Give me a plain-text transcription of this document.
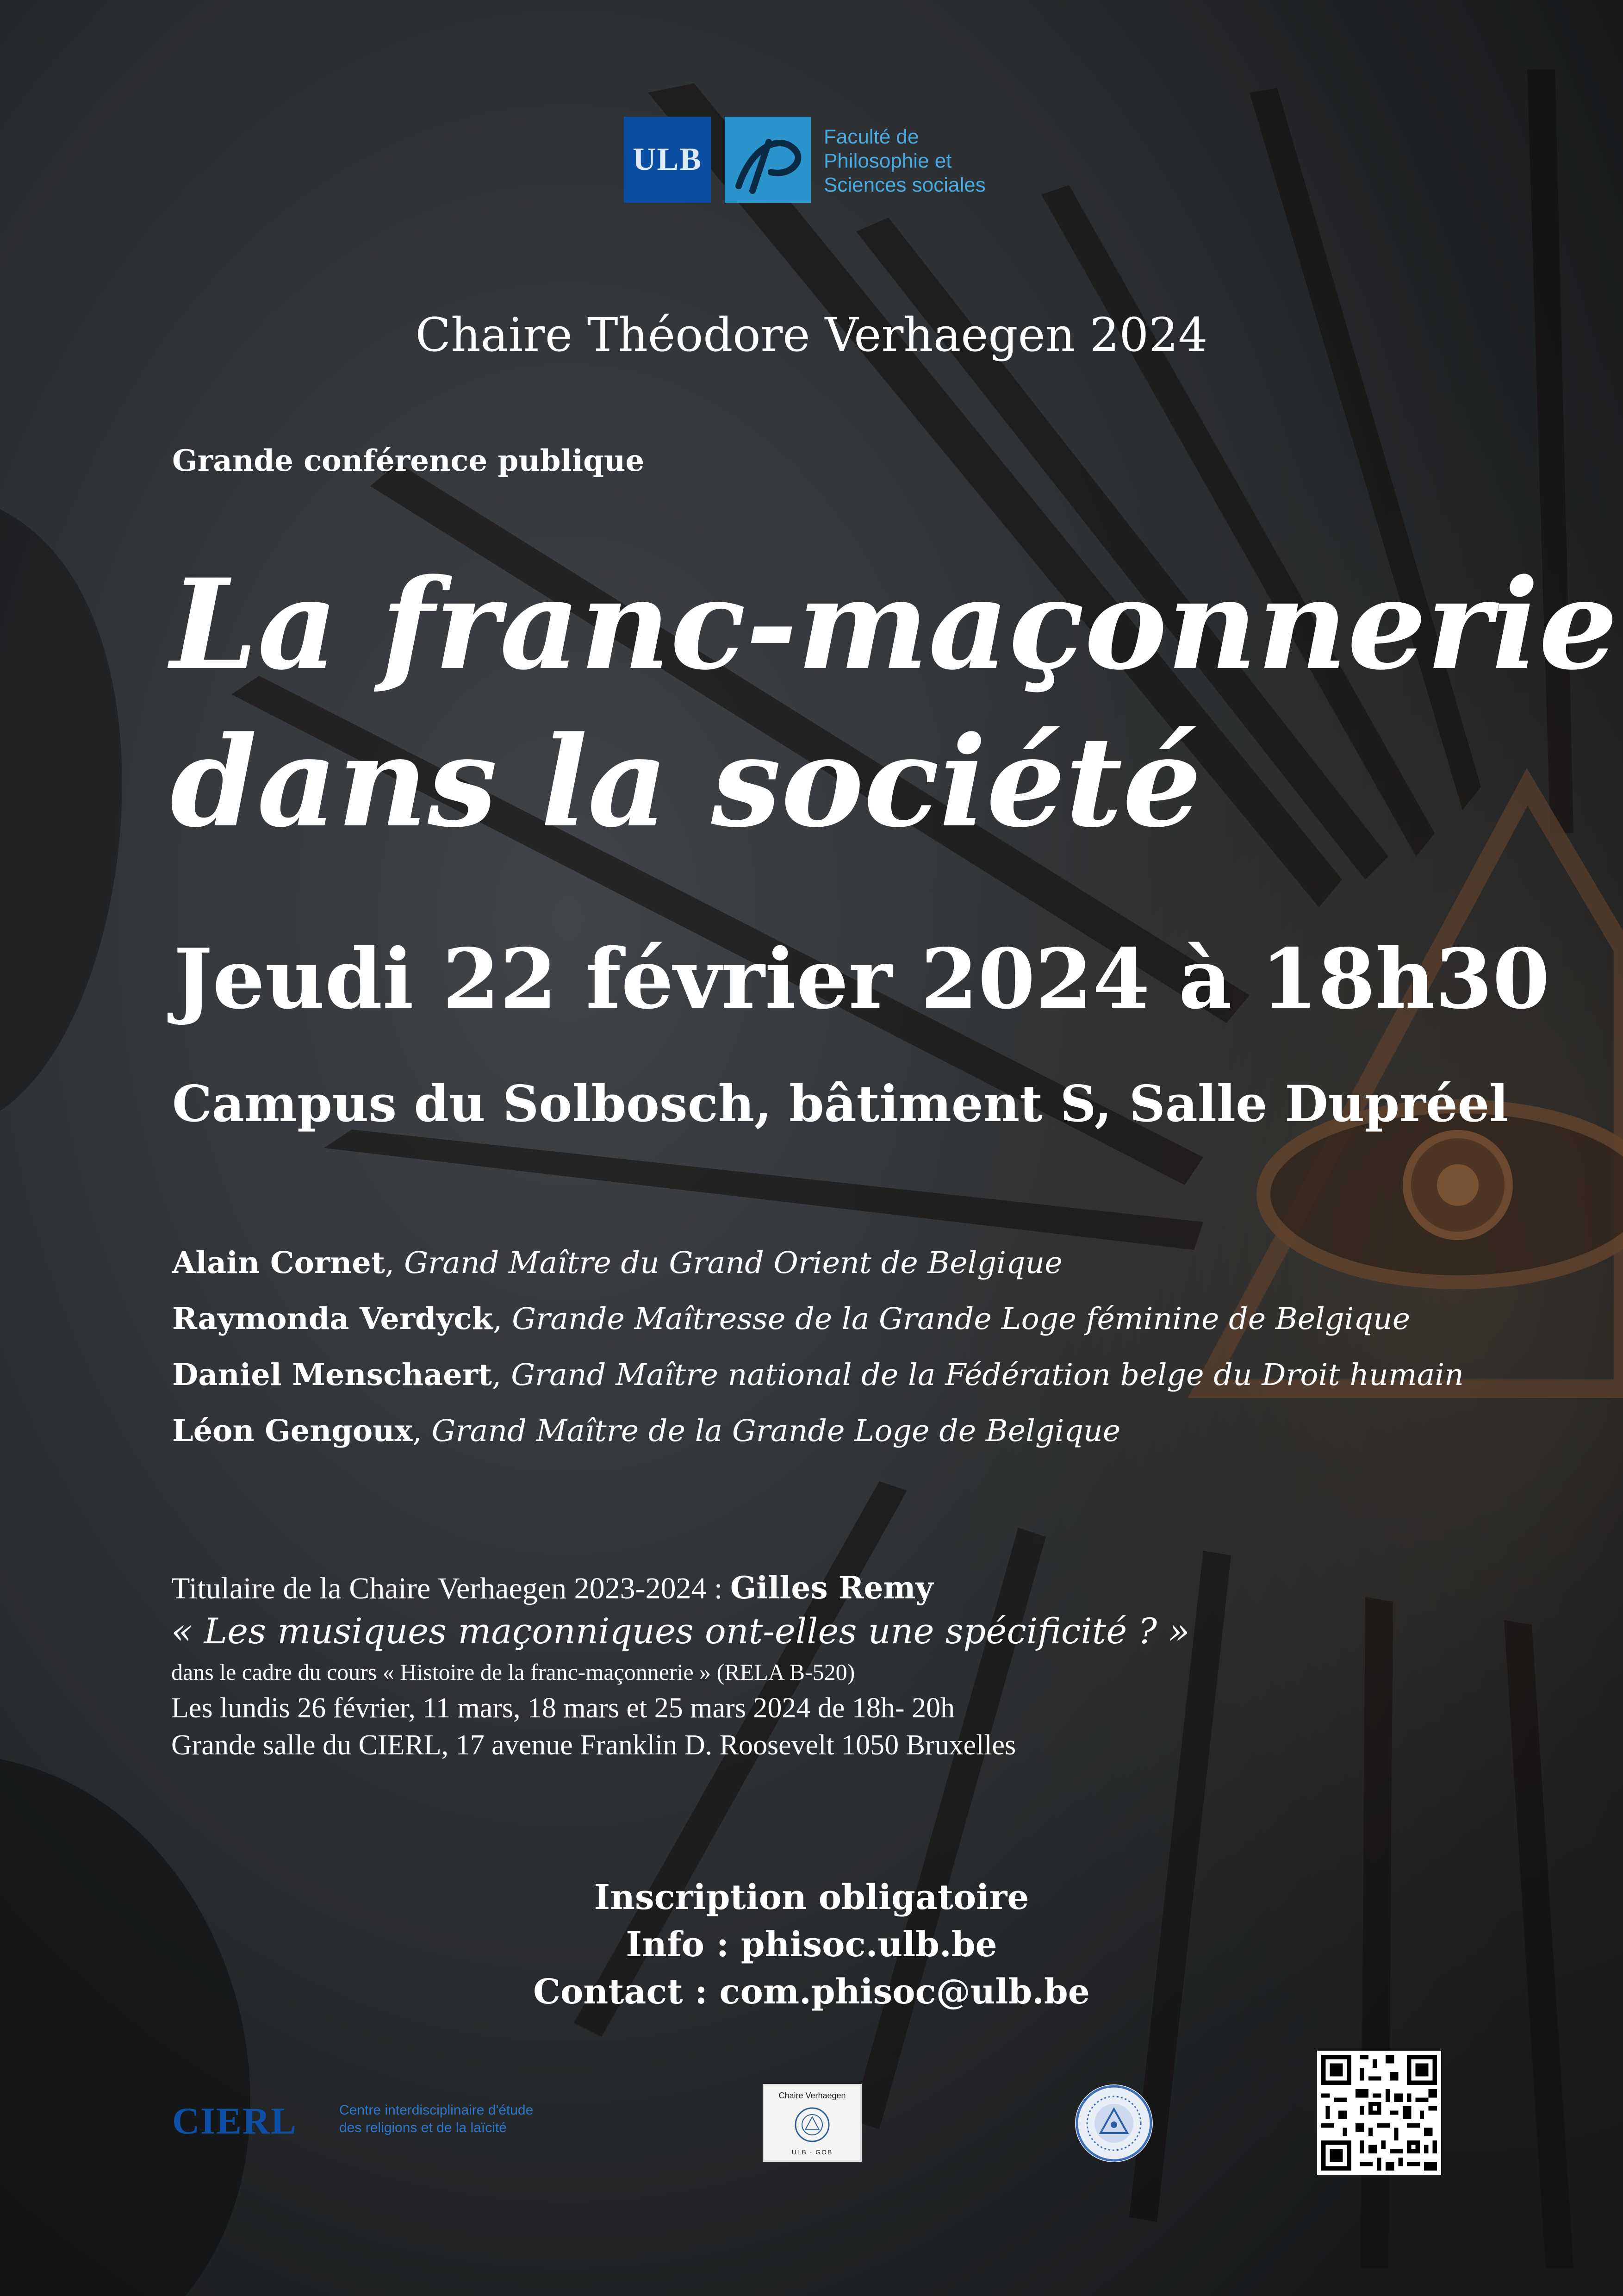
ULB
Faculté de
Philosophie et
Sciences sociales
Chaire Théodore Verhaegen 2024
Grande conférence publique
La franc-maçonnerie
dans la société
Jeudi 22 février 2024 à 18h30
Campus du Solbosch, bâtiment S, Salle Dupréel
Alain Cornet, Grand Maître du Grand Orient de Belgique
Raymonda Verdyck, Grande Maîtresse de la Grande Loge féminine de Belgique
Daniel Menschaert, Grand Maître national de la Fédération belge du Droit humain
Léon Gengoux, Grand Maître de la Grande Loge de Belgique
Titulaire de la Chaire Verhaegen 2023-2024 : Gilles Remy
« Les musiques maçonniques ont-elles une spécificité ? »
dans le cadre du cours « Histoire de la franc-maçonnerie » (RELA B-520)
Les lundis 26 février, 11 mars, 18 mars et 25 mars 2024 de 18h- 20h
Grande salle du CIERL, 17 avenue Franklin D. Roosevelt 1050 Bruxelles
Inscription obligatoire
Info : phisoc.ulb.be
Contact : com.phisoc@ulb.be
CIERL	Centre interdisciplinaire d'étude
des religions et de la laïcité
Chaire Verhaegen
ULB · GOB
